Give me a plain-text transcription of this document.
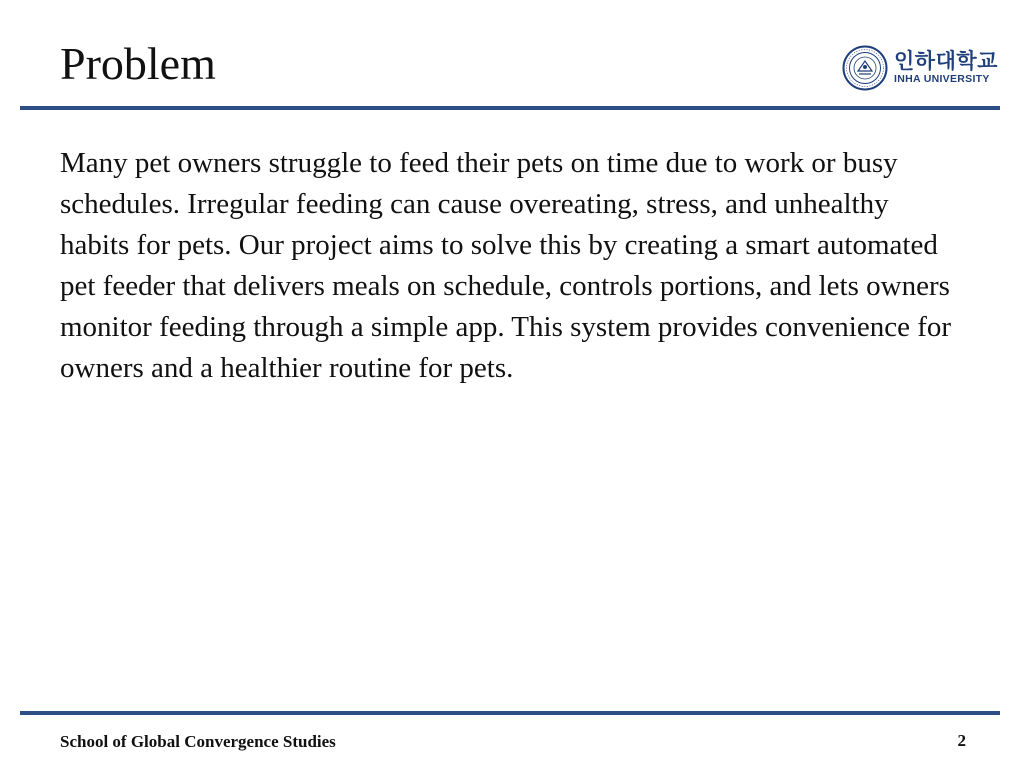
Problem	인하대학교
INHA UNIVERSITY

Many pet owners struggle to feed their pets on time due to work or busy schedules. Irregular feeding can cause overeating, stress, and unhealthy habits for pets. Our project aims to solve this by creating a smart automated pet feeder that delivers meals on schedule, controls portions, and lets owners monitor feeding through a simple app. This system provides convenience for owners and a healthier routine for pets.

School of Global Convergence Studies	2
